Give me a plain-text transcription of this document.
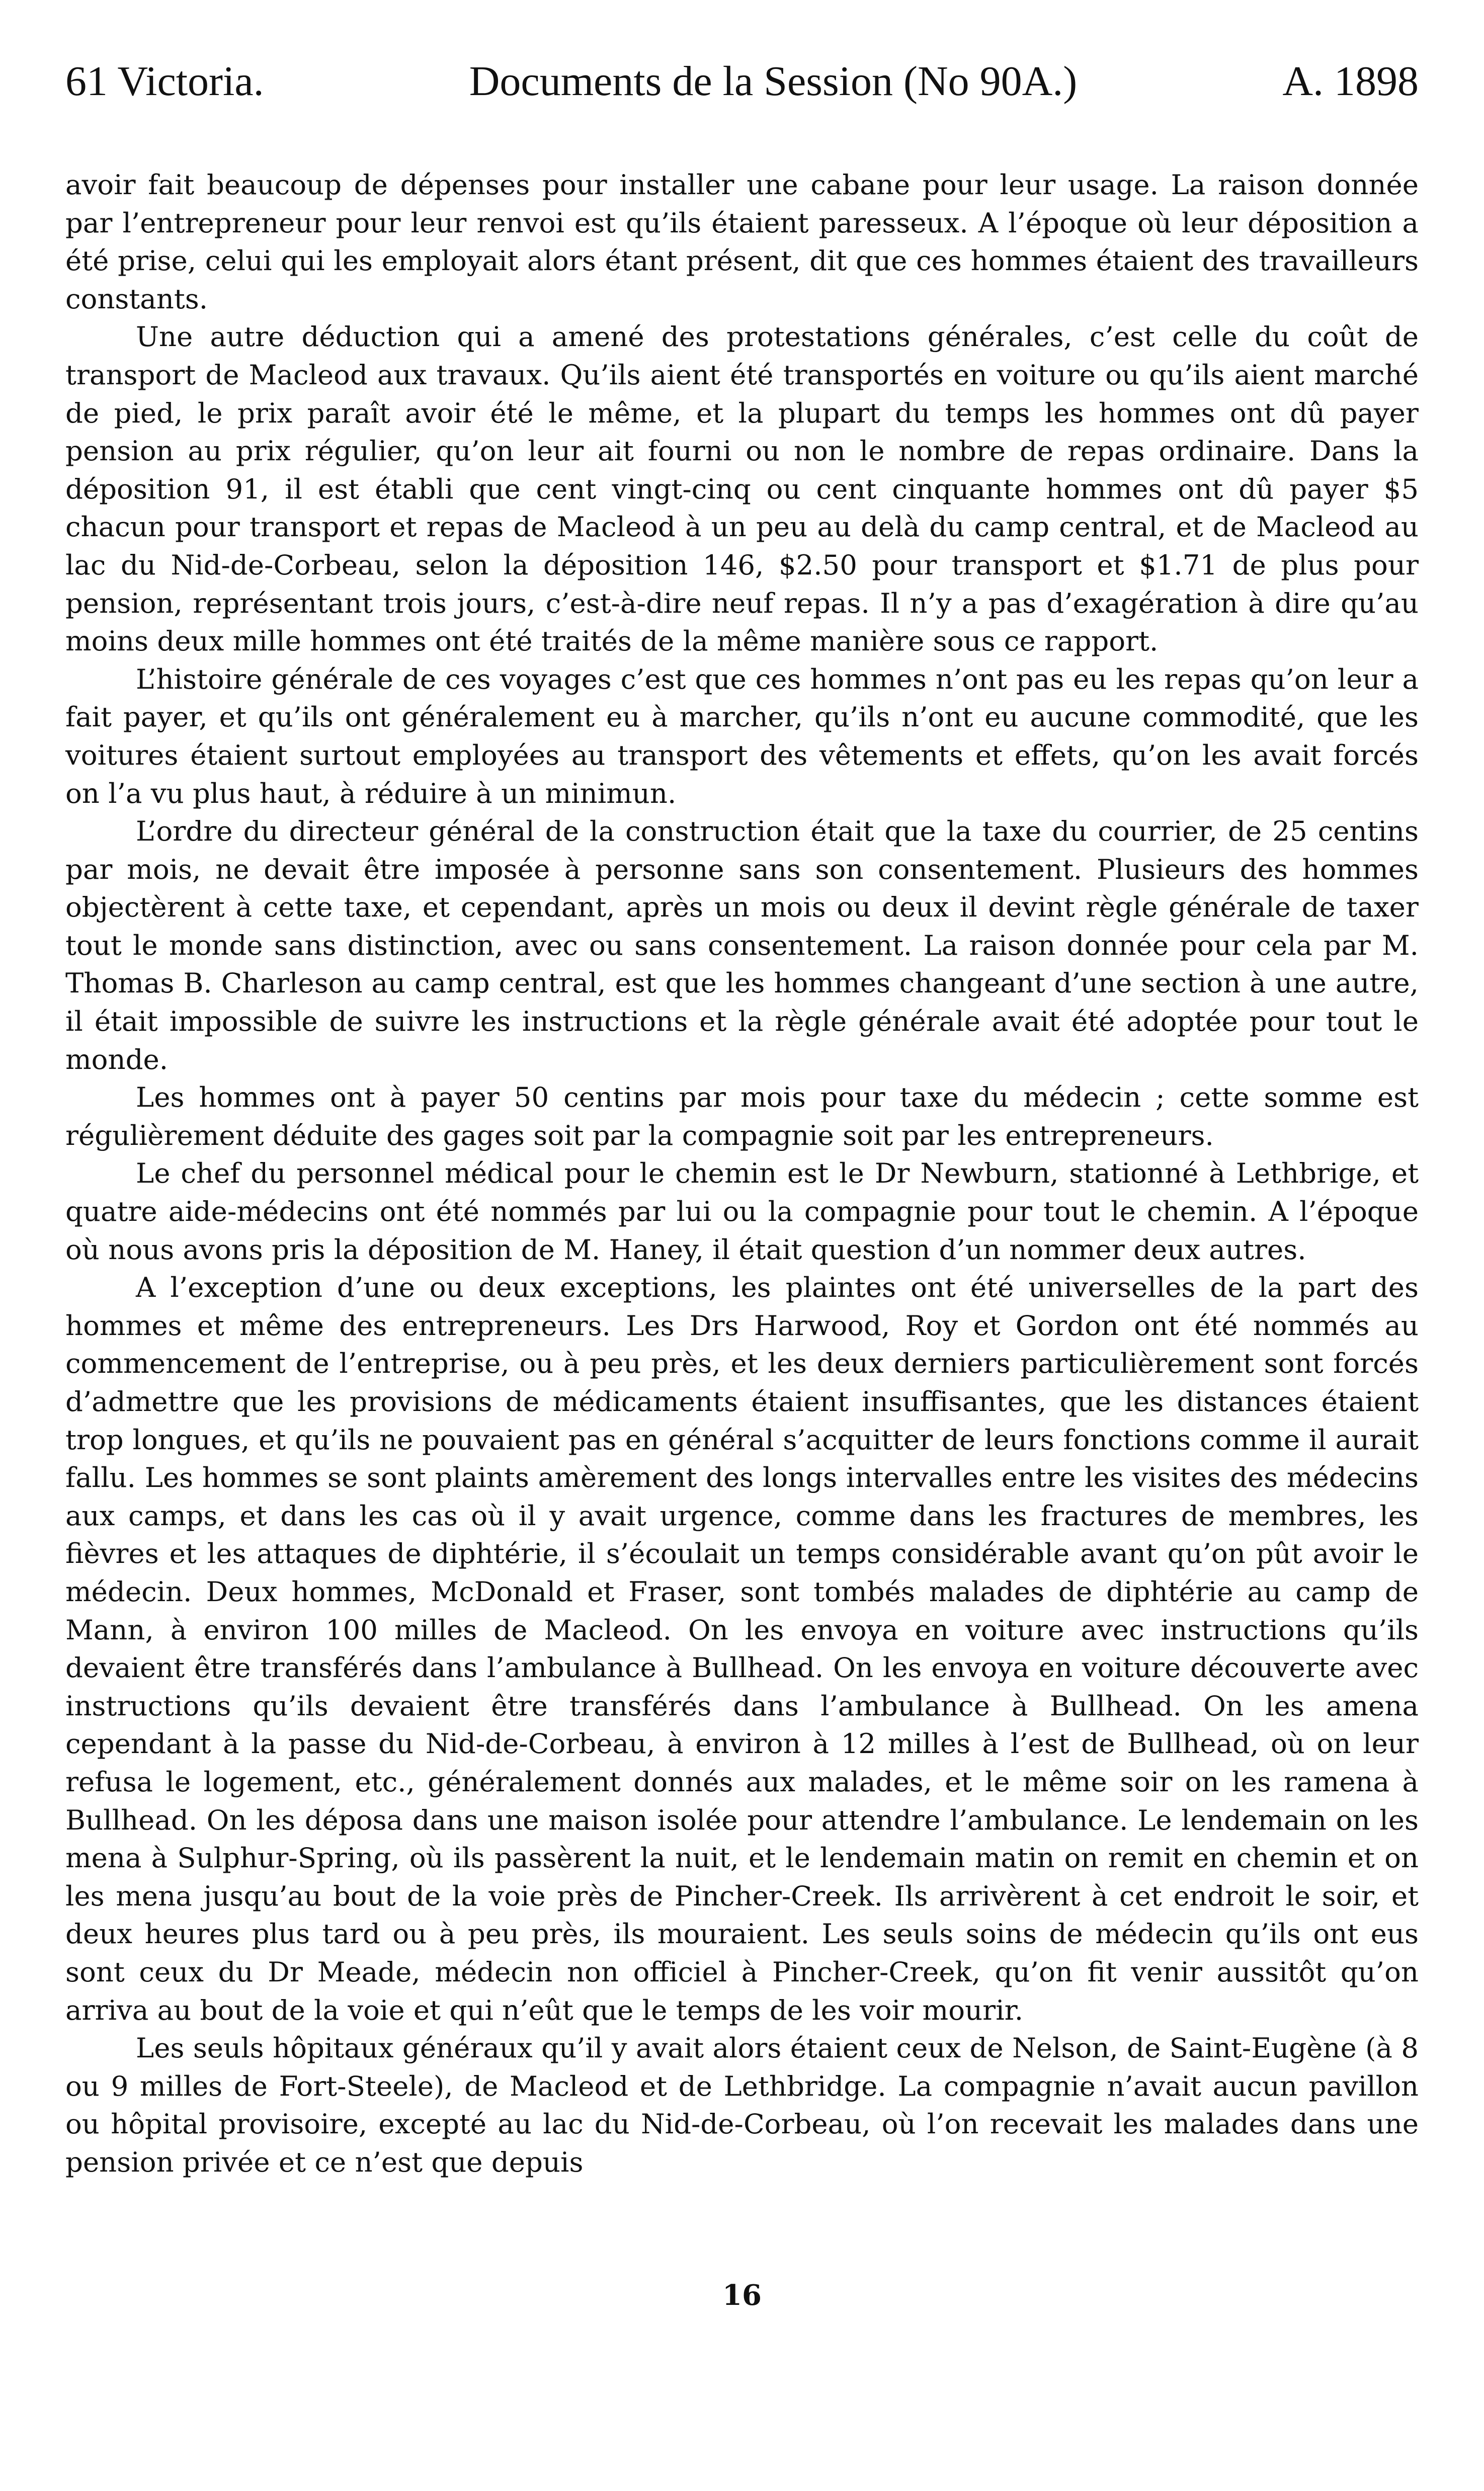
61 Victoria.	Documents de la Session (No 90A.)	A. 1898

avoir fait beaucoup de dépenses pour installer une cabane pour leur usage. La raison donnée par l’entrepreneur pour leur renvoi est qu’ils étaient paresseux. A l’époque où leur déposition a été prise, celui qui les employait alors étant présent, dit que ces hommes étaient des travailleurs constants.

Une autre déduction qui a amené des protestations générales, c’est celle du coût de transport de Macleod aux travaux. Qu’ils aient été transportés en voiture ou qu’ils aient marché de pied, le prix paraît avoir été le même, et la plupart du temps les hommes ont dû payer pension au prix régulier, qu’on leur ait fourni ou non le nombre de repas ordinaire. Dans la déposition 91, il est établi que cent vingt-cinq ou cent cinquante hommes ont dû payer $5 chacun pour transport et repas de Macleod à un peu au delà du camp central, et de Macleod au lac du Nid-de-Corbeau, selon la déposition 146, $2.50 pour transport et $1.71 de plus pour pension, représentant trois jours, c’est-à-dire neuf repas. Il n’y a pas d’exagération à dire qu’au moins deux mille hommes ont été traités de la même manière sous ce rapport.

L’histoire générale de ces voyages c’est que ces hommes n’ont pas eu les repas qu’on leur a fait payer, et qu’ils ont généralement eu à marcher, qu’ils n’ont eu aucune commodité, que les voitures étaient surtout employées au transport des vêtements et effets, qu’on les avait forcés on l’a vu plus haut, à réduire à un minimun.

L’ordre du directeur général de la construction était que la taxe du courrier, de 25 centins par mois, ne devait être imposée à personne sans son consentement. Plusieurs des hommes objectèrent à cette taxe, et cependant, après un mois ou deux il devint règle générale de taxer tout le monde sans distinction, avec ou sans consentement. La raison donnée pour cela par M. Thomas B. Charleson au camp central, est que les hommes changeant d’une section à une autre, il était impossible de suivre les instructions et la règle générale avait été adoptée pour tout le monde.

Les hommes ont à payer 50 centins par mois pour taxe du médecin ; cette somme est régulièrement déduite des gages soit par la compagnie soit par les entrepreneurs.

Le chef du personnel médical pour le chemin est le Dr Newburn, stationné à Lethbrige, et quatre aide-médecins ont été nommés par lui ou la compagnie pour tout le chemin. A l’époque où nous avons pris la déposition de M. Haney, il était question d’un nommer deux autres.

A l’exception d’une ou deux exceptions, les plaintes ont été universelles de la part des hommes et même des entrepreneurs. Les Drs Harwood, Roy et Gordon ont été nommés au commencement de l’entreprise, ou à peu près, et les deux derniers particulièrement sont forcés d’admettre que les provisions de médicaments étaient insuffisantes, que les distances étaient trop longues, et qu’ils ne pouvaient pas en général s’acquitter de leurs fonctions comme il aurait fallu. Les hommes se sont plaints amèrement des longs intervalles entre les visites des médecins aux camps, et dans les cas où il y avait urgence, comme dans les fractures de membres, les fièvres et les attaques de diphtérie, il s’écoulait un temps considérable avant qu’on pût avoir le médecin. Deux hommes, McDonald et Fraser, sont tombés malades de diphtérie au camp de Mann, à environ 100 milles de Macleod. On les envoya en voiture avec instructions qu’ils devaient être transférés dans l’ambulance à Bullhead. On les envoya en voiture découverte avec instructions qu’ils devaient être transférés dans l’ambulance à Bullhead. On les amena cependant à la passe du Nid-de-Corbeau, à environ à 12 milles à l’est de Bullhead, où on leur refusa le logement, etc., généralement donnés aux malades, et le même soir on les ramena à Bullhead. On les déposa dans une maison isolée pour attendre l’ambulance. Le lendemain on les mena à Sulphur-Spring, où ils passèrent la nuit, et le lendemain matin on remit en chemin et on les mena jusqu’au bout de la voie près de Pincher-Creek. Ils arrivèrent à cet endroit le soir, et deux heures plus tard ou à peu près, ils mouraient. Les seuls soins de médecin qu’ils ont eus sont ceux du Dr Meade, médecin non officiel à Pincher-Creek, qu’on fit venir aussitôt qu’on arriva au bout de la voie et qui n’eût que le temps de les voir mourir.

Les seuls hôpitaux généraux qu’il y avait alors étaient ceux de Nelson, de Saint-Eugène (à 8 ou 9 milles de Fort-Steele), de Macleod et de Lethbridge. La compagnie n’avait aucun pavillon ou hôpital provisoire, excepté au lac du Nid-de-Corbeau, où l’on recevait les malades dans une pension privée et ce n’est que depuis

16
